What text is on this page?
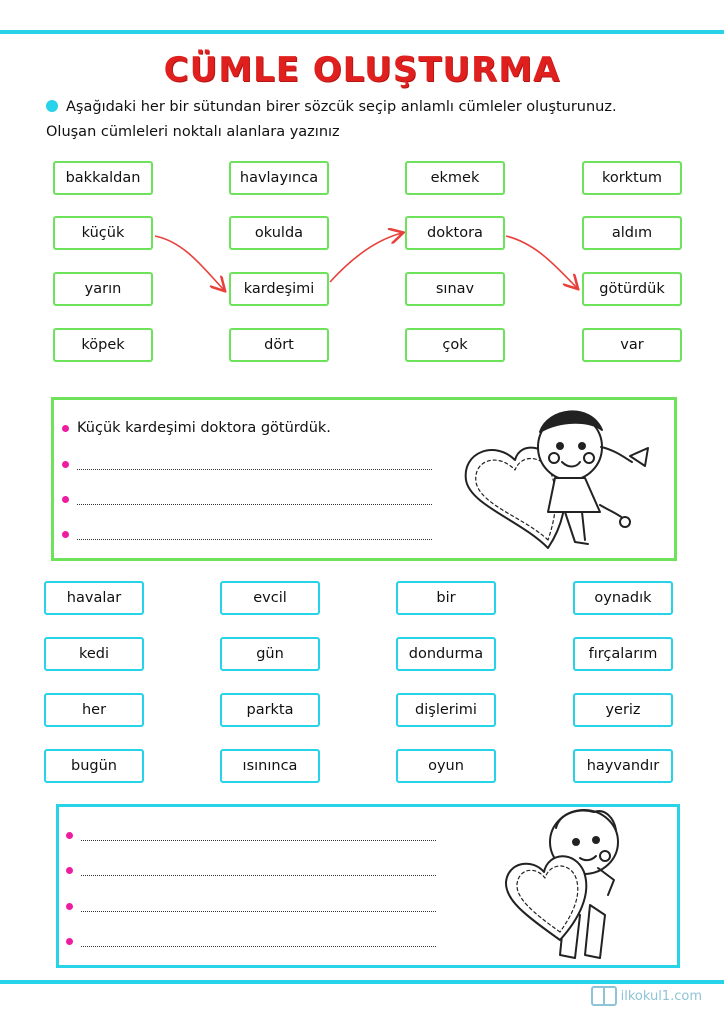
CÜMLE OLUŞTURMA
Aşağıdaki her bir sütundan birer sözcük seçip anlamlı cümleler oluşturunuz.
Oluşan cümleleri noktalı alanlara yazınız
bakkaldan	havlayınca	ekmek	korktum
küçük	okulda	doktora	aldım
yarın	kardeşimi	sınav	götürdük
köpek	dört	çok	var
Küçük kardeşimi doktora götürdük.
havalar	evcil	bir	oynadık
kedi	gün	dondurma	fırçalarım
her	parkta	dişlerimi	yeriz
bugün	ısınınca	oyun	hayvandır
ilkokul1.com
